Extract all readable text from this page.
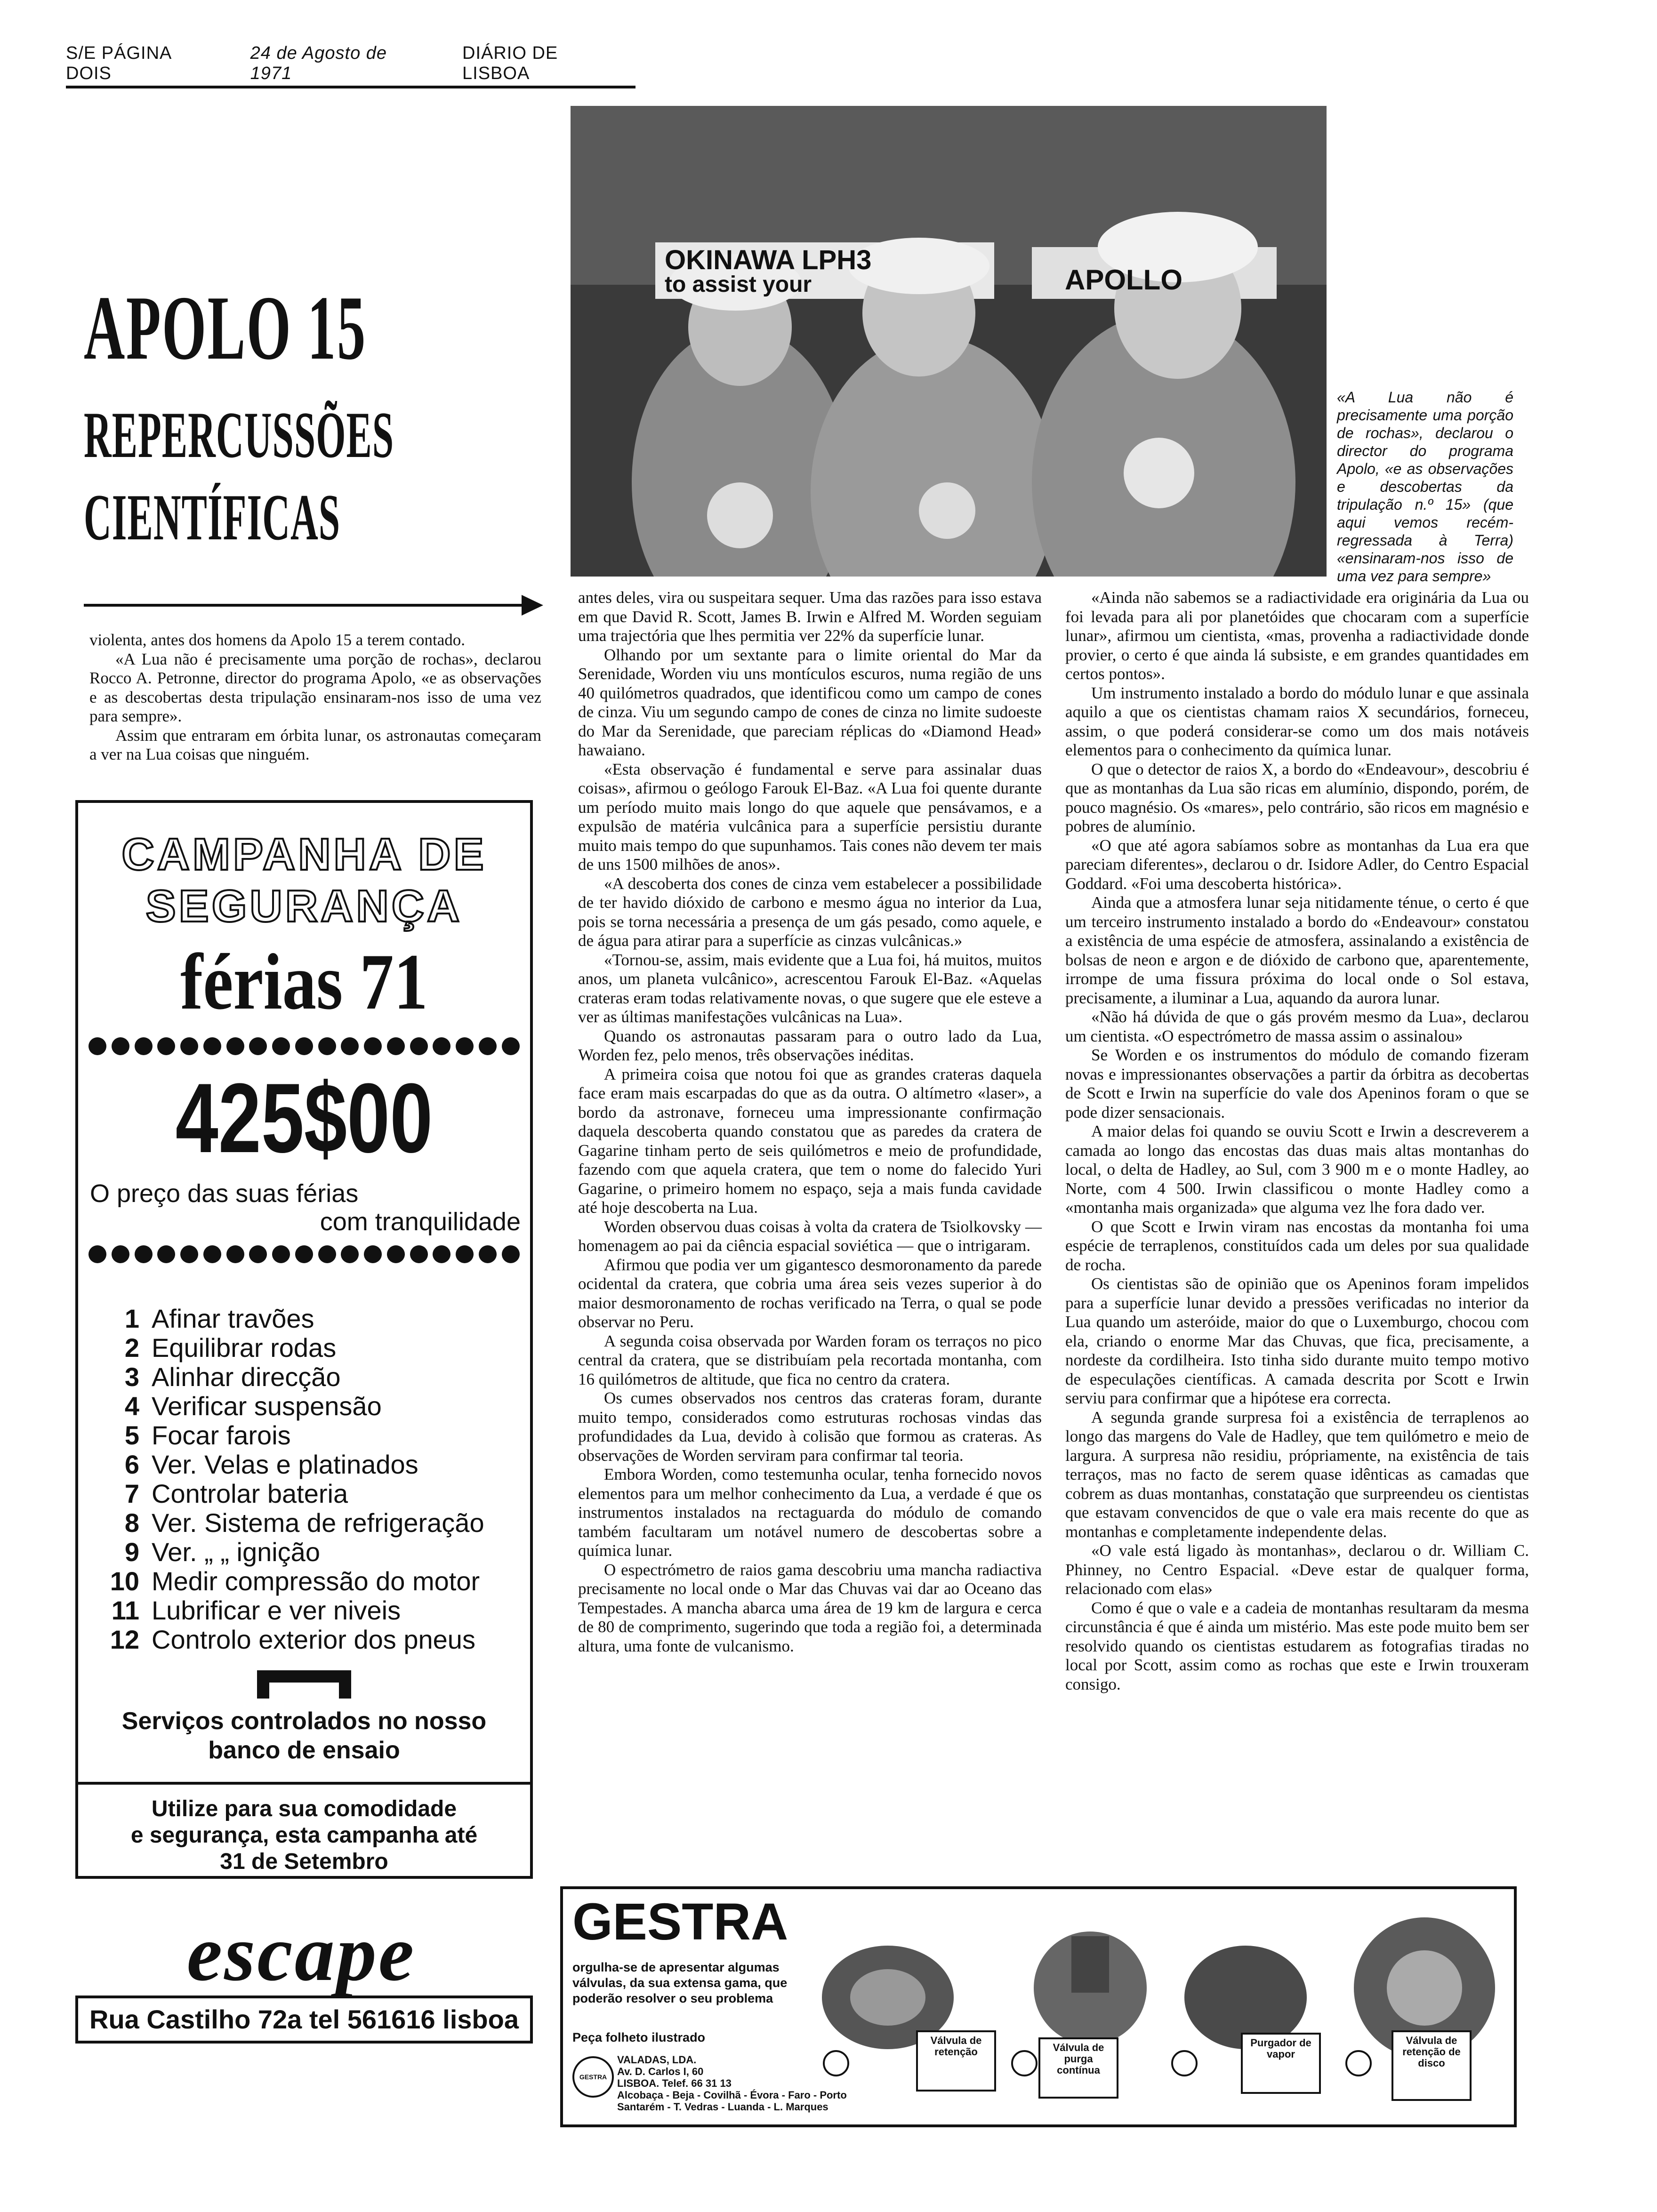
S/E PÁGINA DOIS
24 de Agosto de 1971
DIÁRIO DE LISBOA
APOLO 15
REPERCUSSÕES
CIENTÍFICAS
OKINAWA LPH3
to assist your	APOLLO
«A Lua não é precisamente uma porção de rochas», declarou o director do programa Apolo, «e as observações e descobertas da tripulação n.º 15» (que aqui vemos recém-regressada à Terra) «ensinaram-nos isso de uma vez para sempre»

violenta, antes dos homens da Apolo 15 a terem contado.

«A Lua não é precisamente uma porção de rochas», declarou Rocco A. Petronne, director do programa Apolo, «e as observações e as descobertas desta tripulação ensinaram-nos isso de uma vez para sempre».

Assim que entraram em órbita lunar, os astronautas começaram a ver na Lua coisas que ninguém.

antes deles, vira ou suspeitara sequer. Uma das razões para isso estava em que David R. Scott, James B. Irwin e Alfred M. Worden seguiam uma trajectória que lhes permitia ver 22% da superfície lunar.

Olhando por um sextante para o limite oriental do Mar da Serenidade, Worden viu uns montículos escuros, numa região de uns 40 quilómetros quadrados, que identificou como um campo de cones de cinza. Viu um segundo campo de cones de cinza no limite sudoeste do Mar da Serenidade, que pareciam réplicas do «Diamond Head» hawaiano.

«Esta observação é fundamental e serve para assinalar duas coisas», afirmou o geólogo Farouk El-Baz. «A Lua foi quente durante um período muito mais longo do que aquele que pensávamos, e a expulsão de matéria vulcânica para a superfície persistiu durante muito mais tempo do que supunhamos. Tais cones não devem ter mais de uns 1500 milhões de anos».

«A descoberta dos cones de cinza vem estabelecer a possibilidade de ter havido dióxido de carbono e mesmo água no interior da Lua, pois se torna necessária a presença de um gás pesado, como aquele, e de água para atirar para a superfície as cinzas vulcânicas.»

«Tornou-se, assim, mais evidente que a Lua foi, há muitos, muitos anos, um planeta vulcânico», acrescentou Farouk El-Baz. «Aquelas crateras eram todas relativamente novas, o que sugere que ele esteve a ver as últimas manifestações vulcânicas na Lua».

Quando os astronautas passaram para o outro lado da Lua, Worden fez, pelo menos, três observações inéditas.

A primeira coisa que notou foi que as grandes crateras daquela face eram mais escarpadas do que as da outra. O altímetro «laser», a bordo da astronave, forneceu uma impressionante confirmação daquela descoberta quando constatou que as paredes da cratera de Gagarine tinham perto de seis quilómetros e meio de profundidade, fazendo com que aquela cratera, que tem o nome do falecido Yuri Gagarine, o primeiro homem no espaço, seja a mais funda cavidade até hoje descoberta na Lua.

Worden observou duas coisas à volta da cratera de Tsiolkovsky — homenagem ao pai da ciência espacial soviética — que o intrigaram.

Afirmou que podia ver um gigantesco desmoronamento da parede ocidental da cratera, que cobria uma área seis vezes superior à do maior desmoronamento de rochas verificado na Terra, o qual se pode observar no Peru.

A segunda coisa observada por Warden foram os terraços no pico central da cratera, que se distribuíam pela recortada montanha, com 16 quilómetros de altitude, que fica no centro da cratera.

Os cumes observados nos centros das crateras foram, durante muito tempo, considerados como estruturas rochosas vindas das profundidades da Lua, devido à colisão que formou as crateras. As observações de Worden serviram para confirmar tal teoria.

Embora Worden, como testemunha ocular, tenha fornecido novos elementos para um melhor conhecimento da Lua, a verdade é que os instrumentos instalados na rectaguarda do módulo de comando também facultaram um notável numero de descobertas sobre a química lunar.

O espectrómetro de raios gama descobriu uma mancha radiactiva precisamente no local onde o Mar das Chuvas vai dar ao Oceano das Tempestades. A mancha abarca uma área de 19 km de largura e cerca de 80 de comprimento, sugerindo que toda a região foi, a determinada altura, uma fonte de vulcanismo.

«Ainda não sabemos se a radiactividade era originária da Lua ou foi levada para ali por planetóides que chocaram com a superfície lunar», afirmou um cientista, «mas, provenha a radiactividade donde provier, o certo é que ainda lá subsiste, e em grandes quantidades em certos pontos».

Um instrumento instalado a bordo do módulo lunar e que assinala aquilo a que os cientistas chamam raios X secundários, forneceu, assim, o que poderá considerar-se como um dos mais notáveis elementos para o conhecimento da química lunar.

O que o detector de raios X, a bordo do «Endeavour», descobriu é que as montanhas da Lua são ricas em alumínio, dispondo, porém, de pouco magnésio. Os «mares», pelo contrário, são ricos em magnésio e pobres de alumínio.

«O que até agora sabíamos sobre as montanhas da Lua era que pareciam diferentes», declarou o dr. Isidore Adler, do Centro Espacial Goddard. «Foi uma descoberta histórica».

Ainda que a atmosfera lunar seja nitidamente ténue, o certo é que um terceiro instrumento instalado a bordo do «Endeavour» constatou a existência de uma espécie de atmosfera, assinalando a existência de bolsas de neon e argon e de dióxido de carbono que, aparentemente, irrompe de uma fissura próxima do local onde o Sol estava, precisamente, a iluminar a Lua, aquando da aurora lunar.

«Não há dúvida de que o gás provém mesmo da Lua», declarou um cientista. «O espectrómetro de massa assim o assinalou»

Se Worden e os instrumentos do módulo de comando fizeram novas e impressionantes observações a partir da órbitra as decobertas de Scott e Irwin na superfície do vale dos Apeninos foram o que se pode dizer sensacionais.

A maior delas foi quando se ouviu Scott e Irwin a descreverem a camada ao longo das encostas das duas mais altas montanhas do local, o delta de Hadley, ao Sul, com 3 900 m e o monte Hadley, ao Norte, com 4 500. Irwin classificou o monte Hadley como a «montanha mais organizada» que alguma vez lhe fora dado ver.

O que Scott e Irwin viram nas encostas da montanha foi uma espécie de terraplenos, constituídos cada um deles por sua qualidade de rocha.

Os cientistas são de opinião que os Apeninos foram impelidos para a superfície lunar devido a pressões verificadas no interior da Lua quando um asteróide, maior do que o Luxemburgo, chocou com ela, criando o enorme Mar das Chuvas, que fica, precisamente, a nordeste da cordilheira. Isto tinha sido durante muito tempo motivo de especulações científicas. A camada descrita por Scott e Irwin serviu para confirmar que a hipótese era correcta.

A segunda grande surpresa foi a existência de terraplenos ao longo das margens do Vale de Hadley, que tem quilómetro e meio de largura. A surpresa não residiu, própriamente, na existência de tais terraços, mas no facto de serem quase idênticas as camadas que cobrem as duas montanhas, constatação que surpreendeu os cientistas que estavam convencidos de que o vale era mais recente do que as montanhas e completamente independente delas.

«O vale está ligado às montanhas», declarou o dr. William C. Phinney, no Centro Espacial. «Deve estar de qualquer forma, relacionado com elas»

Como é que o vale e a cadeia de montanhas resultaram da mesma circunstância é que é ainda um mistério. Mas este pode muito bem ser resolvido quando os cientistas estudarem as fotografias tiradas no local por Scott, assim como as rochas que este e Irwin trouxeram consigo.

CAMPANHA DE
SEGURANÇA
férias 71
425$00
O preço das suas férias
com tranquilidade
1 Afinar travões
2 Equilibrar rodas
3 Alinhar direcção
4 Verificar suspensão
5 Focar farois
6 Ver. Velas e platinados
7 Controlar bateria
8 Ver. Sistema de refrigeração
9 Ver. „ „ ignição
10 Medir compressão do motor
11 Lubrificar e ver niveis
12 Controlo exterior dos pneus
Serviços controlados no nosso
banco de ensaio
Utilize para sua comodidade
e segurança, esta campanha até
31 de Setembro
escape
Rua Castilho 72a tel 561616 lisboa
GESTRA
orgulha-se de apresentar algumas válvulas, da sua extensa gama, que poderão resolver o seu problema
Peça folheto ilustrado
GESTRA
VALADAS, LDA.
Av. D. Carlos I, 60
LISBOA. Telef. 66 31 13
Alcobaça - Beja - Covilhã - Évora - Faro - Porto
Santarém - T. Vedras - Luanda - L. Marques
Válvula de retenção	Válvula de purga contínua
Purgador de vapor
Válvula de retenção de disco
